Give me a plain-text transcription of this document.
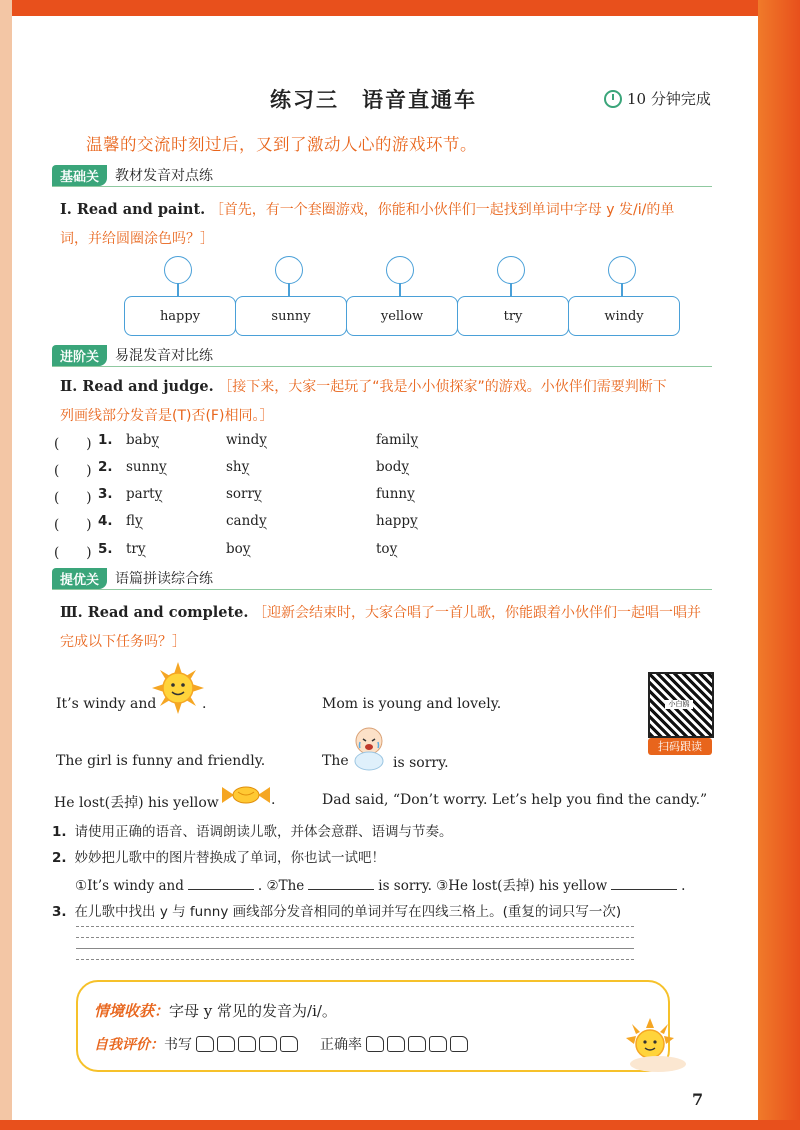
练习三　语音直通车	10 分钟完成
温馨的交流时刻过后，又到了激动人心的游戏环节。
基础关	教材发音对点练
Ⅰ. Read and paint. ［首先，有一个套圈游戏，你能和小伙伴们一起找到单词中字母 y 发/i/的单
词，并给圆圈涂色吗？］
happy	sunny	yellow	try	windy
进阶关	易混发音对比练
Ⅱ. Read and judge. ［接下来，大家一起玩了“我是小小侦探家”的游戏。小伙伴们需要判断下
列画线部分发音是(T)否(F)相同。］
(　　) 1. baby	windy	family
(　　) 2. sunny	shy	body
(　　) 3. party	sorry	funny
(　　) 4. fly	candy	happy
(　　) 5. try	boy	toy
提优关	语篇拼读综合练
Ⅲ. Read and complete. ［迎新会结束时，大家合唱了一首儿歌，你能跟着小伙伴们一起唱一唱并
完成以下任务吗？］
It’s windy and	.	Mom is young and lovely.	小白鸥
扫码跟读
The girl is funny and friendly.	The	is sorry.
He lost(丢掉) his yellow	.	Dad said, “Don’t worry. Let’s help you find the candy.”
1. 请使用正确的语音、语调朗读儿歌，并体会意群、语调与节奏。
2. 妙妙把儿歌中的图片替换成了单词，你也试一试吧！
①It’s windy and	. ②The	is sorry. ③He lost(丢掉) his yellow	.
3. 在儿歌中找出 y 与 funny 画线部分发音相同的单词并写在四线三格上。(重复的词只写一次)
情境收获：字母 y 常见的发音为/i/。
自我评价： 书写	正确率
7
